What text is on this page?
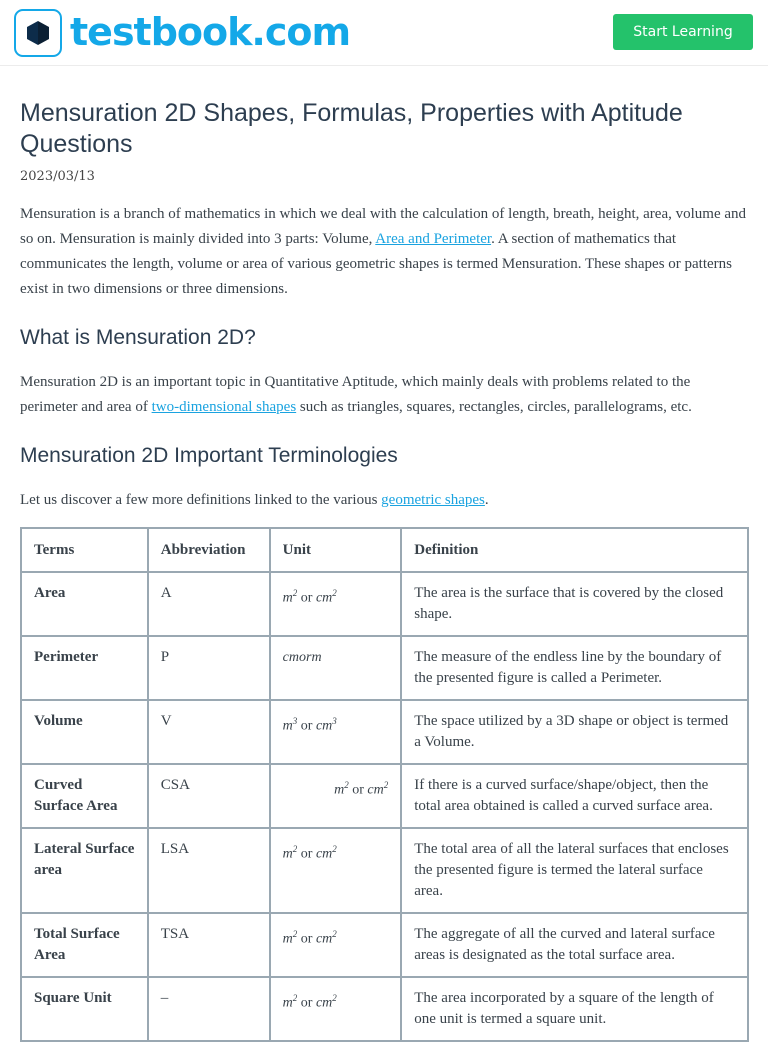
testbook.com	Start Learning
Mensuration 2D Shapes, Formulas, Properties with Aptitude Questions
2023/03/13

Mensuration is a branch of mathematics in which we deal with the calculation of length, breath, height, area, volume and so on. Mensuration is mainly divided into 3 parts: Volume, Area and Perimeter. A section of mathematics that communicates the length, volume or area of various geometric shapes is termed Mensuration. These shapes or patterns exist in two dimensions or three dimensions.

What is Mensuration 2D?

Mensuration 2D is an important topic in Quantitative Aptitude, which mainly deals with problems related to the perimeter and area of two-dimensional shapes such as triangles, squares, rectangles, circles, parallelograms, etc.

Mensuration 2D Important Terminologies

Let us discover a few more definitions linked to the various geometric shapes.

Terms	Abbreviation	Unit	Definition
Area	A	$m^2$ or $cm^2$	The area is the surface that is covered by the closed shape.
Perimeter	P	cmorm	The measure of the endless line by the boundary of the presented figure is called a Perimeter.
Volume	V	$m^3$ or $cm^3$	The space utilized by a 3D shape or object is termed a Volume.
Curved Surface Area	CSA	$m^2$ or $cm^2$	If there is a curved surface/shape/object, then the total area obtained is called a curved surface area.
Lateral Surface area	LSA	$m^2$ or $cm^2$	The total area of all the lateral surfaces that encloses the presented figure is termed the lateral surface area.
Total Surface Area	TSA	$m^2$ or $cm^2$	The aggregate of all the curved and lateral surface areas is designated as the total surface area.
Square Unit	–	$m^2$ or $cm^2$	The area incorporated by a square of the length of one unit is termed a square unit.
